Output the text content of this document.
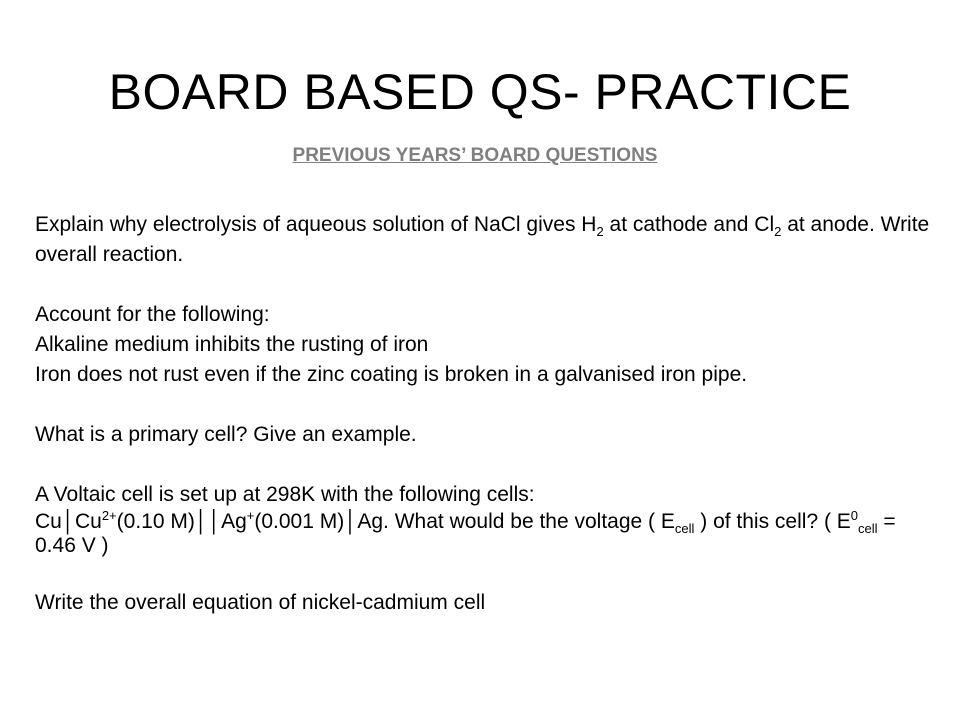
BOARD BASED QS- PRACTICE
PREVIOUS YEARS’ BOARD QUESTIONS

Explain why electrolysis of aqueous solution of NaCl gives $H_2$ at cathode and $Cl_2$ at anode. Write overall reaction.

Account for the following:

Alkaline medium inhibits the rusting of iron

Iron does not rust even if the zinc coating is broken in a galvanised iron pipe.

What is a primary cell? Give an example.

A Voltaic cell is set up at 298K with the following cells:

$Cu│Cu^{2+}(0.10$ M)││Ag+(0.001 M)│Ag. What would be the voltage ( $E_{cell}$ ) of this cell? ( $E^0_{cell} = 0.46$ V )

Write the overall equation of nickel-cadmium cell
